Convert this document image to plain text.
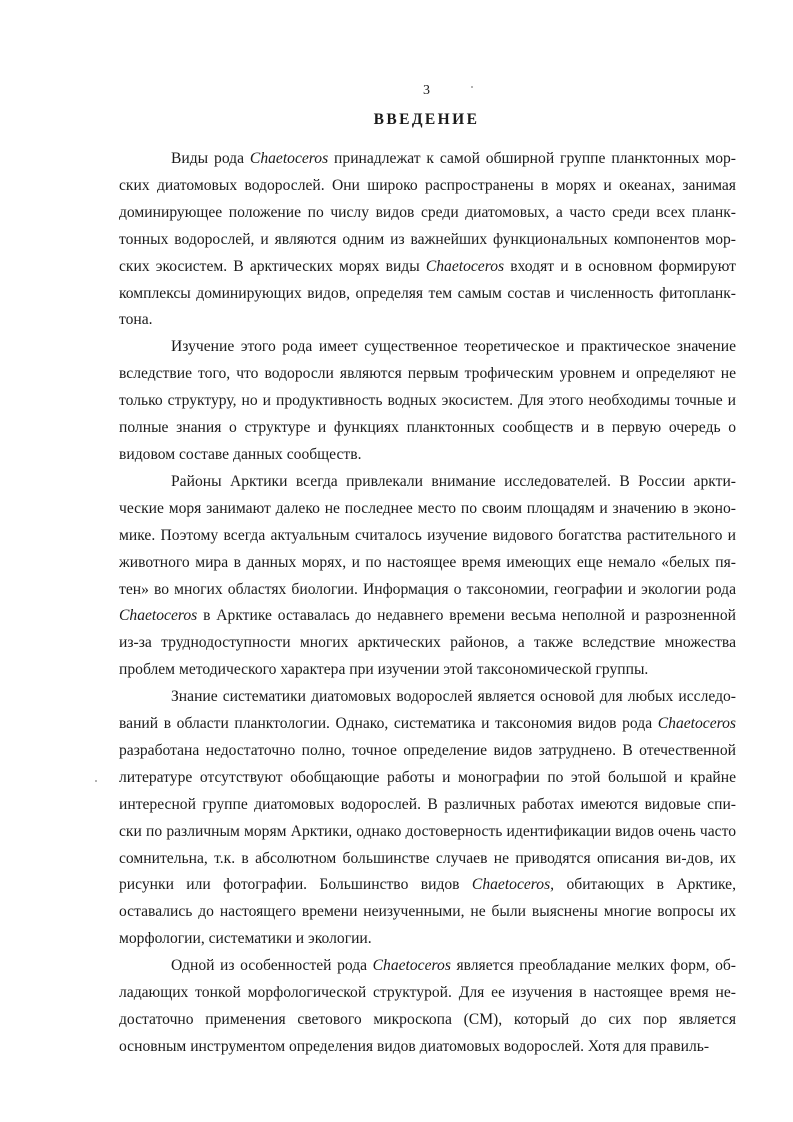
3
ВВЕДЕНИЕ

Виды рода Chaetoceros принадлежат к самой обширной группе планктонных мор-ских диатомовых водорослей. Они широко распространены в морях и океанах, занимая доминирующее положение по числу видов среди диатомовых, а часто среди всех планк-тонных водорослей, и являются одним из важнейших функциональных компонентов мор-ских экосистем. В арктических морях виды Chaetoceros входят и в основном формируют комплексы доминирующих видов, определяя тем самым состав и численность фитопланк-тона.

Изучение этого рода имеет существенное теоретическое и практическое значение вследствие того, что водоросли являются первым трофическим уровнем и определяют не только структуру, но и продуктивность водных экосистем. Для этого необходимы точные и полные знания о структуре и функциях планктонных сообществ и в первую очередь о видовом составе данных сообществ.

Районы Арктики всегда привлекали внимание исследователей. В России аркти-ческие моря занимают далеко не последнее место по своим площадям и значению в эконо-мике. Поэтому всегда актуальным считалось изучение видового богатства растительного и животного мира в данных морях, и по настоящее время имеющих еще немало «белых пя-тен» во многих областях биологии. Информация о таксономии, географии и экологии рода Chaetoceros в Арктике оставалась до недавнего времени весьма неполной и разрозненной из-за труднодоступности многих арктических районов, а также вследствие множества проблем методического характера при изучении этой таксономической группы.

Знание систематики диатомовых водорослей является основой для любых исследо-ваний в области планктологии. Однако, систематика и таксономия видов рода Chaetoceros разработана недостаточно полно, точное определение видов затруднено. В отечественной литературе отсутствуют обобщающие работы и монографии по этой большой и крайне интересной группе диатомовых водорослей. В различных работах имеются видовые спи-ски по различным морям Арктики, однако достоверность идентификации видов очень часто сомнительна, т.к. в абсолютном большинстве случаев не приводятся описания ви-дов, их рисунки или фотографии. Большинство видов Chaetoceros, обитающих в Арктике, оставались до настоящего времени неизученными, не были выяснены многие вопросы их морфологии, систематики и экологии.

Одной из особенностей рода Chaetoceros является преобладание мелких форм, об-ладающих тонкой морфологической структурой. Для ее изучения в настоящее время не-достаточно применения светового микроскопа (СМ), который до сих пор является основным инструментом определения видов диатомовых водорослей. Хотя для правиль-
